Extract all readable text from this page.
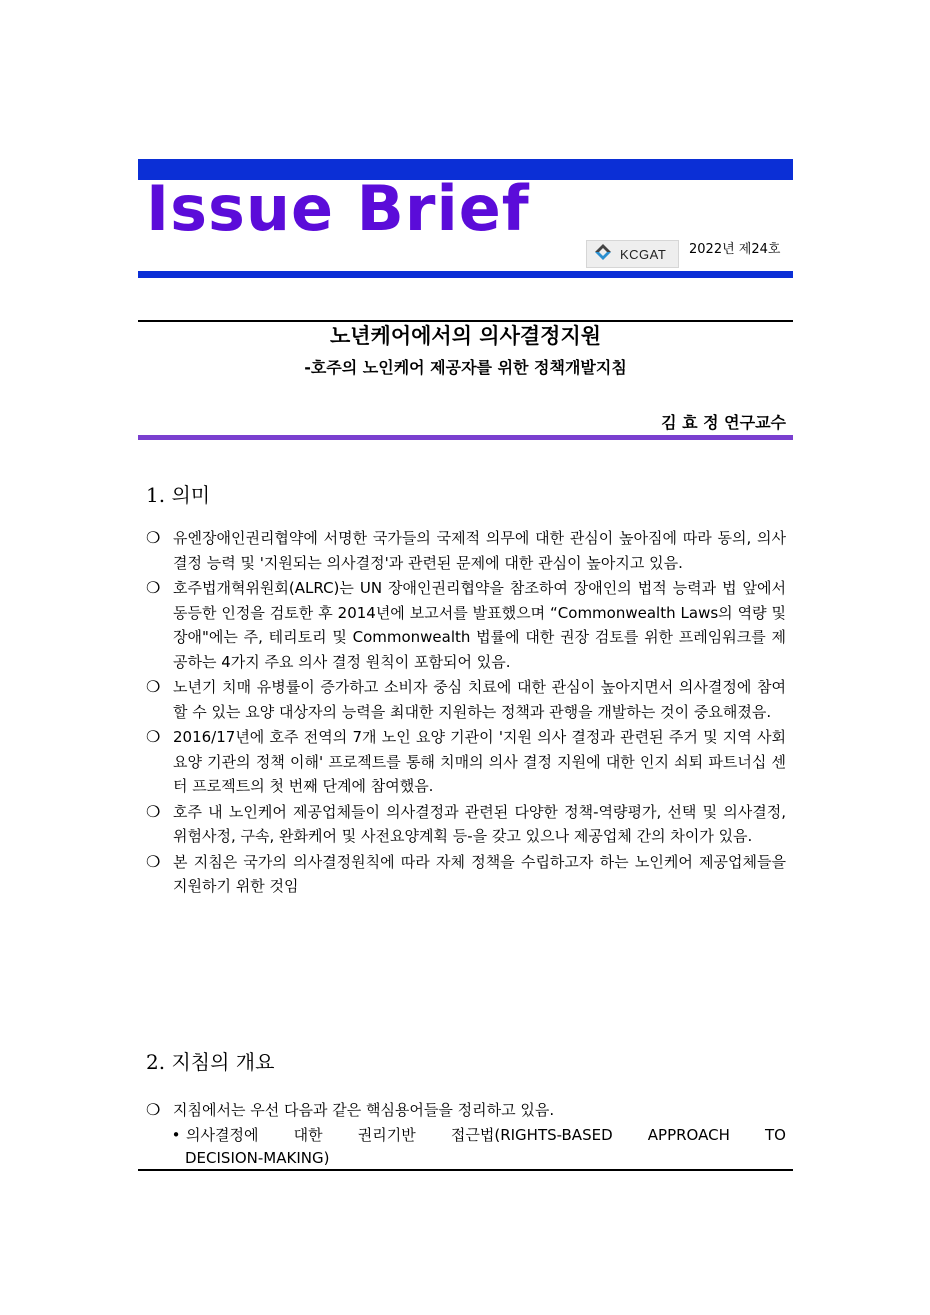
Issue Brief
KCGAT 2022년 제24호
노년케어에서의 의사결정지원
-호주의 노인케어 제공자를 위한 정책개발지침
김 효 정 연구교수
1. 의미
❍ 유엔장애인권리협약에 서명한 국가들의 국제적 의무에 대한 관심이 높아짐에 따라 동의, 의사결정 능력 및 '지원되는 의사결정'과 관련된 문제에 대한 관심이 높아지고 있음.
❍ 호주법개혁위원회(ALRC)는 UN 장애인권리협약을 참조하여 장애인의 법적 능력과 법 앞에서 동등한 인정을 검토한 후 2014년에 보고서를 발표했으며 “Commonwealth Laws의 역량 및 장애"에는 주, 테리토리 및 Commonwealth 법률에 대한 권장 검토를 위한 프레임워크를 제공하는 4가지 주요 의사 결정 원칙이 포함되어 있음.
❍ 노년기 치매 유병률이 증가하고 소비자 중심 치료에 대한 관심이 높아지면서 의사결정에 참여할 수 있는 요양 대상자의 능력을 최대한 지원하는 정책과 관행을 개발하는 것이 중요해졌음.
❍ 2016/17년에 호주 전역의 7개 노인 요양 기관이 '지원 의사 결정과 관련된 주거 및 지역 사회 요양 기관의 정책 이해' 프로젝트를 통해 치매의 의사 결정 지원에 대한 인지 쇠퇴 파트너십 센터 프로젝트의 첫 번째 단계에 참여했음.
❍ 호주 내 노인케어 제공업체들이 의사결정과 관련된 다양한 정책-역량평가, 선택 및 의사결정, 위험사정, 구속, 완화케어 및 사전요양계획 등-을 갖고 있으나 제공업체 간의 차이가 있음.
❍ 본 지침은 국가의 의사결정원칙에 따라 자체 정책을 수립하고자 하는 노인케어 제공업체들을 지원하기 위한 것임
2. 지침의 개요
❍ 지침에서는 우선 다음과 같은 핵심용어들을 정리하고 있음.
• 의사결정에 대한 권리기반 접근법(RIGHTS-BASED APPROACH TO
DECISION-MAKING)
